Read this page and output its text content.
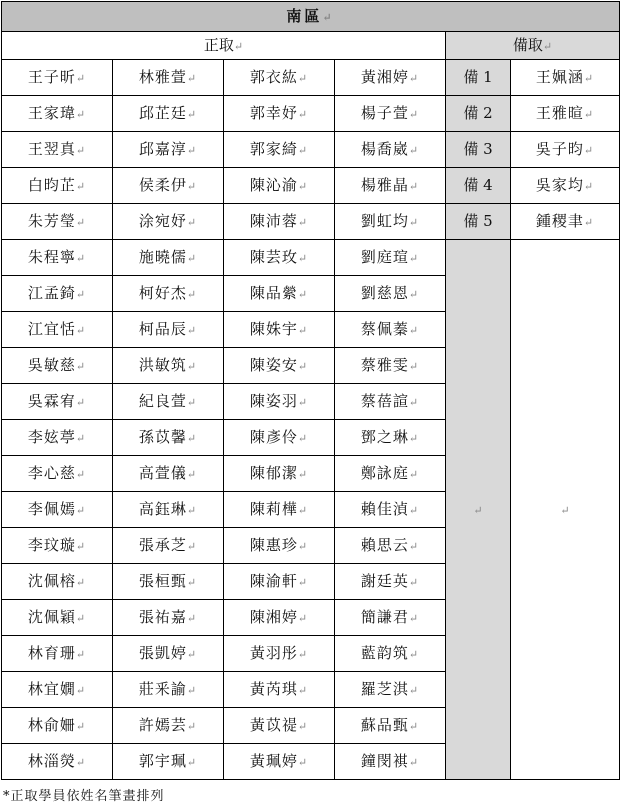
南區↵					
正取↵				備取↵	
王子昕↵	林雅萱↵	郭衣紘↵	黃湘婷↵	備 1	王姵涵↵
王家瑋↵	邱芷廷↵	郭幸妤↵	楊子萱↵	備 2	王雅暄↵
王翌真↵	邱嘉淳↵	郭家綺↵	楊喬崴↵	備 3	吳子昀↵
白昀芷↵	侯柔伊↵	陳沁渝↵	楊雅晶↵	備 4	吳家均↵
朱芳瑩↵	涂宛妤↵	陳沛蓉↵	劉虹均↵	備 5	鍾稷聿↵
朱程寧↵	施曉儒↵	陳芸玫↵	劉庭瑄↵	↵	↵
江孟錡↵	柯好杰↵	陳品縈↵	劉慈恩↵		
江宜恬↵	柯品辰↵	陳姝宇↵	蔡佩蓁↵		
吳敏慈↵	洪敏筑↵	陳姿安↵	蔡雅雯↵		
吳霖宥↵	紀良萱↵	陳姿羽↵	蔡蓓諠↵		
李妶葶↵	孫苡馨↵	陳彥伶↵	鄧之琳↵		
李心慈↵	高萱儀↵	陳郁潔↵	鄭詠庭↵		
李佩嫣↵	高鈺琳↵	陳莉樺↵	賴佳湞↵		
李玟璇↵	張承芝↵	陳惠珍↵	賴思云↵		
沈佩榕↵	張桓甄↵	陳渝軒↵	謝廷英↵		
沈佩穎↵	張祐嘉↵	陳湘婷↵	簡謙君↵		
林育珊↵	張凱婷↵	黃羽彤↵	藍韵筑↵		
林宜嫺↵	莊釆諭↵	黃芮琪↵	羅芝淇↵		
林俞姍↵	許嫣芸↵	黃苡禔↵	蘇品甄↵		
林淄熒↵	郭宇珮↵	黃珮婷↵	鐘閔褀↵		
*正取學員依姓名筆畫排列
